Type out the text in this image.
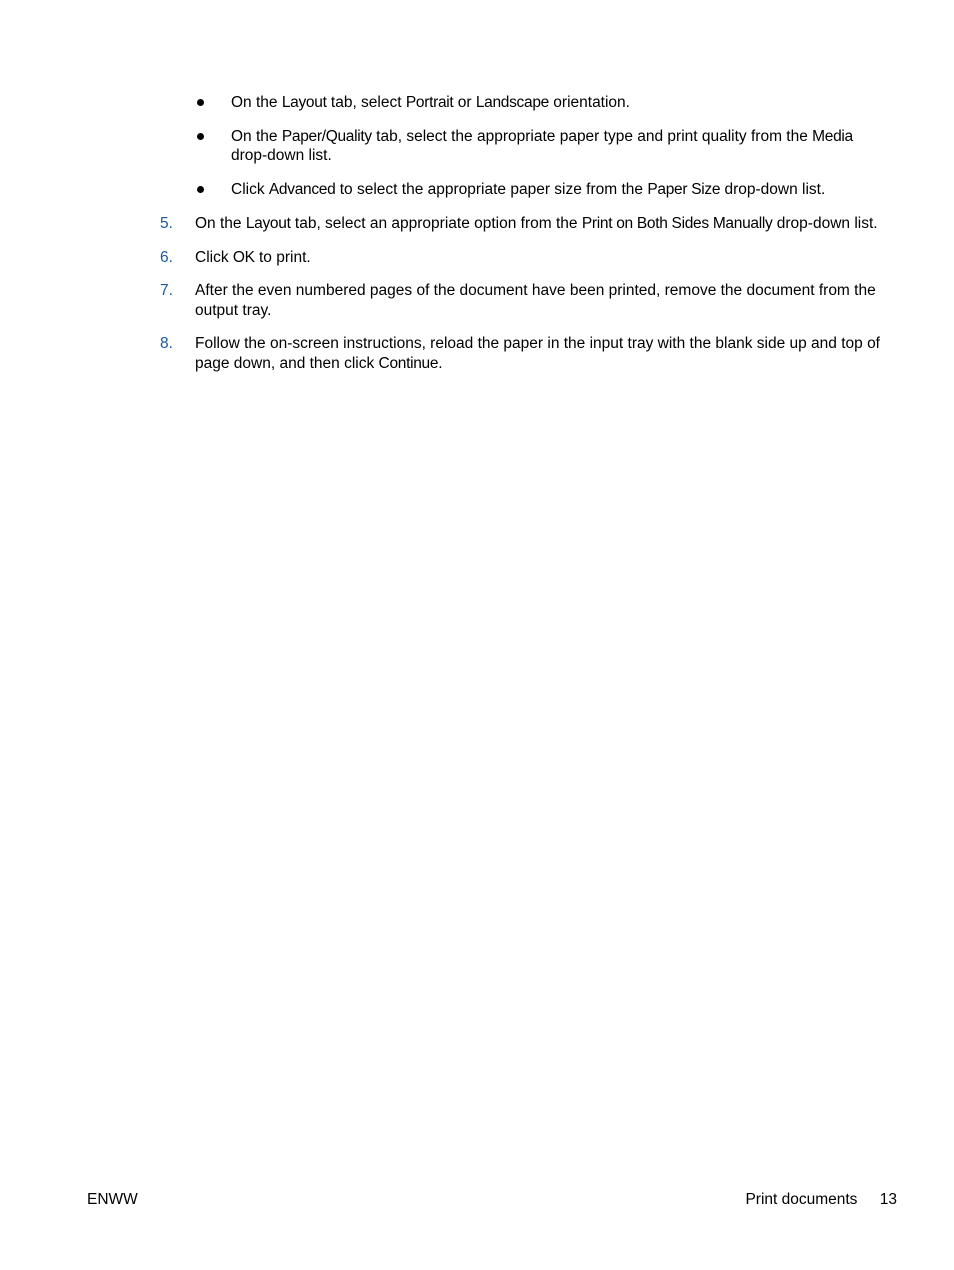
On the Layout tab, select Portrait or Landscape orientation.
On the Paper/Quality tab, select the appropriate paper type and print quality from the Media drop-down list.
Click Advanced to select the appropriate paper size from the Paper Size drop-down list.
5. On the Layout tab, select an appropriate option from the Print on Both Sides Manually drop-down list.
6. Click OK to print.
7. After the even numbered pages of the document have been printed, remove the document from the output tray.
8. Follow the on-screen instructions, reload the paper in the input tray with the blank side up and top of page down, and then click Continue.
ENWW	Print documents 13
